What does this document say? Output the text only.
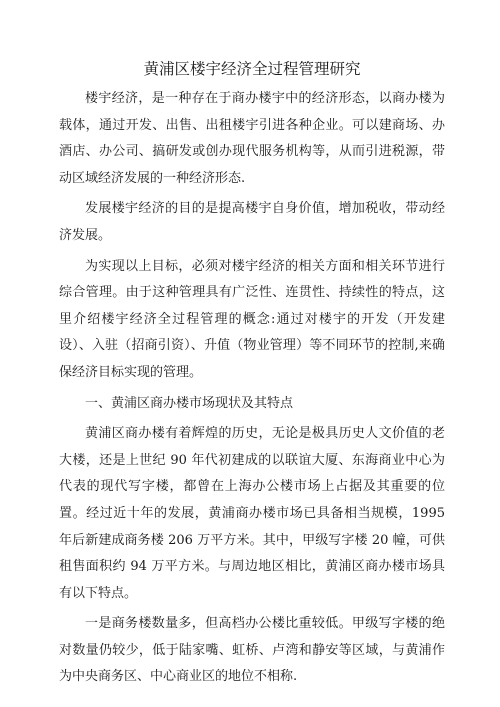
黄浦区楼宇经济全过程管理研究

楼宇经济，是一种存在于商办楼宇中的经济形态，以商办楼为载体，通过开发、出售、出租楼宇引进各种企业。可以建商场、办酒店、办公司、搞研发或创办现代服务机构等，从而引进税源，带动区域经济发展的一种经济形态.

发展楼宇经济的目的是提高楼宇自身价值，增加税收，带动经济发展。

为实现以上目标，必须对楼宇经济的相关方面和相关环节进行综合管理。由于这种管理具有广泛性、连贯性、持续性的特点，这里介绍楼宇经济全过程管理的概念:通过对楼宇的开发（开发建设）、入驻（招商引资）、升值（物业管理）等不同环节的控制,来确保经济目标实现的管理。

一、黄浦区商办楼市场现状及其特点

黄浦区商办楼有着辉煌的历史，无论是极具历史人文价值的老大楼，还是上世纪 90 年代初建成的以联谊大厦、东海商业中心为代表的现代写字楼，都曾在上海办公楼市场上占据及其重要的位置。经过近十年的发展，黄浦商办楼市场已具备相当规模，1995 年后新建成商务楼 206 万平方米。其中，甲级写字楼 20 幢，可供租售面积约 94 万平方米。与周边地区相比，黄浦区商办楼市场具有以下特点。

一是商务楼数量多，但高档办公楼比重较低。甲级写字楼的绝对数量仍较少，低于陆家嘴、虹桥、卢湾和静安等区域，与黄浦作为中央商务区、中心商业区的地位不相称.
